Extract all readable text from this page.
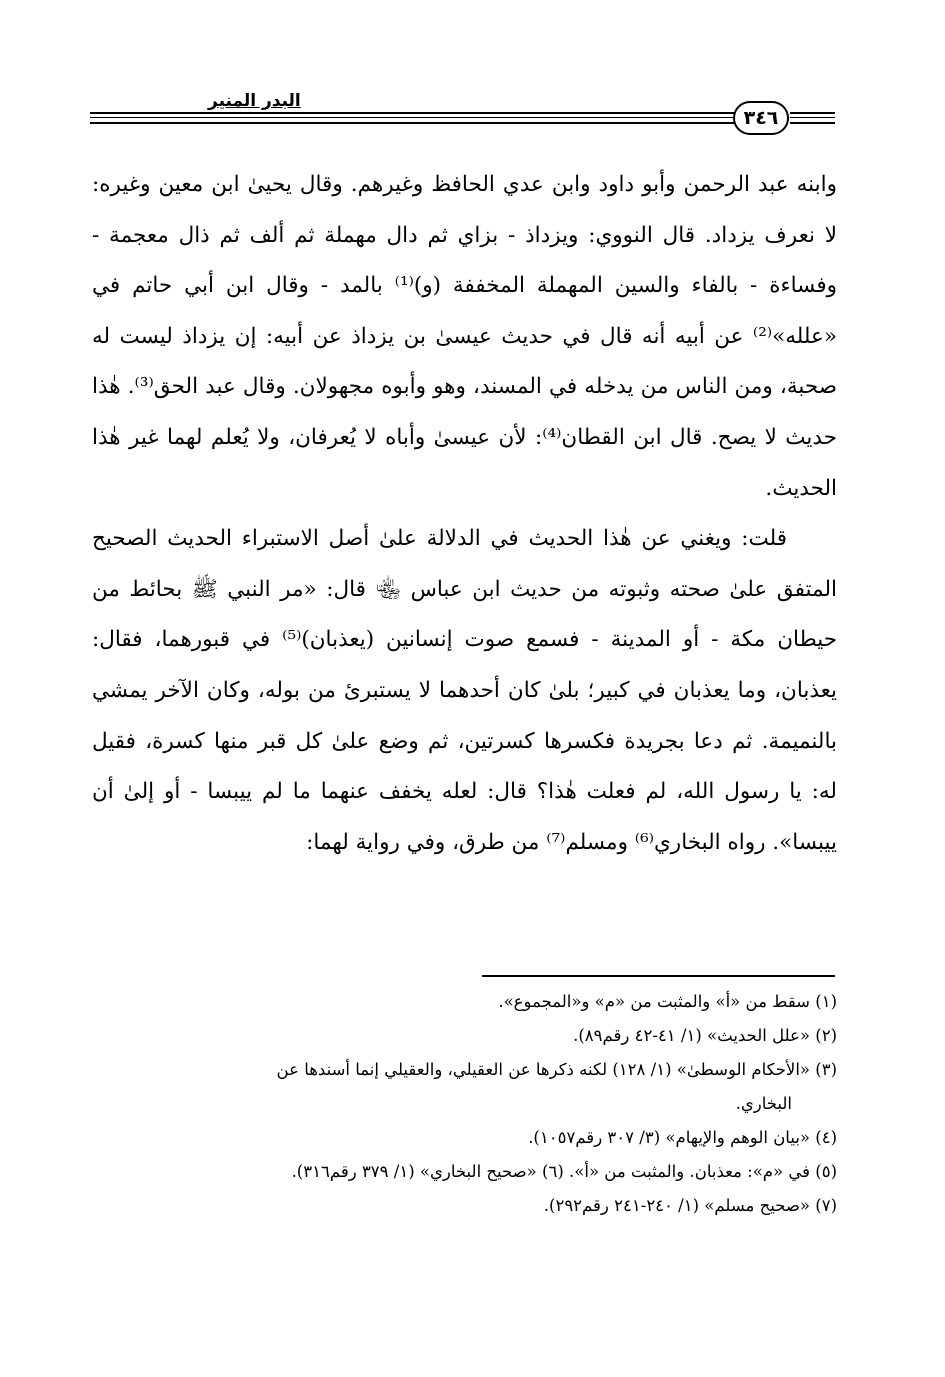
البدر المنير
٣٤٦

وابنه عبد الرحمن وأبو داود وابن عدي الحافظ وغيرهم. وقال يحيىٰ ابن معين وغيره: لا نعرف يزداد. قال النووي: ويزداذ - بزاي ثم دال مهملة ثم ألف ثم ذال معجمة - وفساءة - بالفاء والسين المهملة المخففة (و)⁽¹⁾ بالمد - وقال ابن أبي حاتم في «علله»⁽²⁾ عن أبيه أنه قال في حديث عيسىٰ بن يزداذ عن أبيه: إن يزداذ ليست له صحبة، ومن الناس من يدخله في المسند، وهو وأبوه مجهولان. وقال عبد الحق⁽³⁾. هٰذا حديث لا يصح. قال ابن القطان⁽⁴⁾: لأن عيسىٰ وأباه لا يُعرفان، ولا يُعلم لهما غير هٰذا الحديث.

قلت: ويغني عن هٰذا الحديث في الدلالة علىٰ أصل الاستبراء الحديث الصحيح المتفق علىٰ صحته وثبوته من حديث ابن عباس ﵄ قال: «مر النبي ﷺ بحائط من حيطان مكة - أو المدينة - فسمع صوت إنسانين (يعذبان)⁽⁵⁾ في قبورهما، فقال: يعذبان، وما يعذبان في كبير؛ بلىٰ كان أحدهما لا يستبرئ من بوله، وكان الآخر يمشي بالنميمة. ثم دعا بجريدة فكسرها كسرتين، ثم وضع علىٰ كل قبر منها كسرة، فقيل له: يا رسول الله، لم فعلت هٰذا؟ قال: لعله يخفف عنهما ما لم ييبسا - أو إلىٰ أن ييبسا». رواه البخاري⁽⁶⁾ ومسلم⁽⁷⁾ من طرق، وفي رواية لهما:

(١) سقط من «أ» والمثبت من «م» و«المجموع».

(٢) «علل الحديث» (١/ ٤١-٤٢ رقم٨٩).

(٣) «الأحكام الوسطىٰ» (١/ ١٢٨) لكنه ذكرها عن العقيلي، والعقيلي إنما أسندها عن

البخاري.

(٤) «بيان الوهم والإيهام» (٣/ ٣٠٧ رقم١٠٥٧).

(٥) في «م»: معذبان. والمثبت من «أ». (٦) «صحيح البخاري» (١/ ٣٧٩ رقم٣١٦).

(٧) «صحيح مسلم» (١/ ٢٤٠-٢٤١ رقم٢٩٢).
